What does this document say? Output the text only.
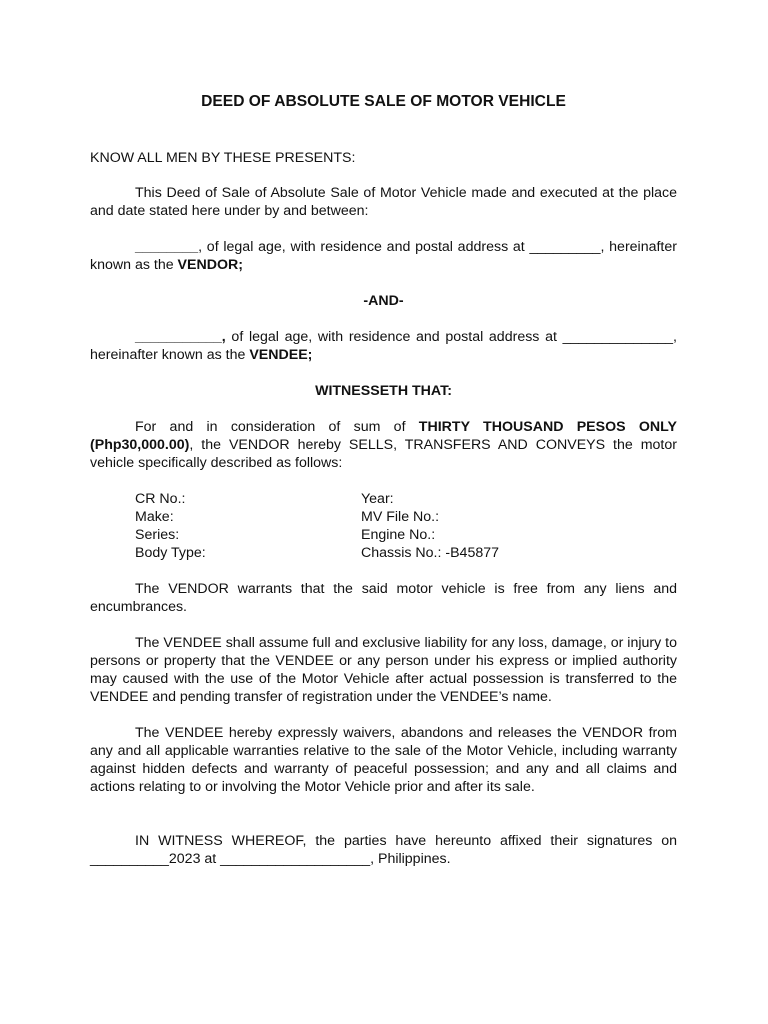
DEED OF ABSOLUTE SALE OF MOTOR VEHICLE

KNOW ALL MEN BY THESE PRESENTS:

This Deed of Sale of Absolute Sale of Motor Vehicle made and executed at the place and date stated here under by and between:

________, of legal age, with residence and postal address at _________, hereinafter known as the VENDOR;

-AND-

___________, of legal age, with residence and postal address at ______________, hereinafter known as the VENDEE;

WITNESSETH THAT:

For and in consideration of sum of THIRTY THOUSAND PESOS ONLY (Php30,000.00), the VENDOR hereby SELLS, TRANSFERS AND CONVEYS the motor vehicle specifically described as follows:

CR No.:	Year:
Make:	MV File No.:
Series:	Engine No.:
Body Type:	Chassis No.: -B45877

The VENDOR warrants that the said motor vehicle is free from any liens and encumbrances.

The VENDEE shall assume full and exclusive liability for any loss, damage, or injury to persons or property that the VENDEE or any person under his express or implied authority may caused with the use of the Motor Vehicle after actual possession is transferred to the VENDEE and pending transfer of registration under the VENDEE’s name.

The VENDEE hereby expressly waivers, abandons and releases the VENDOR from any and all applicable warranties relative to the sale of the Motor Vehicle, including warranty against hidden defects and warranty of peaceful possession; and any and all claims and actions relating to or involving the Motor Vehicle prior and after its sale.

IN WITNESS WHEREOF, the parties have hereunto affixed their signatures on __________2023 at ___________________, Philippines.
